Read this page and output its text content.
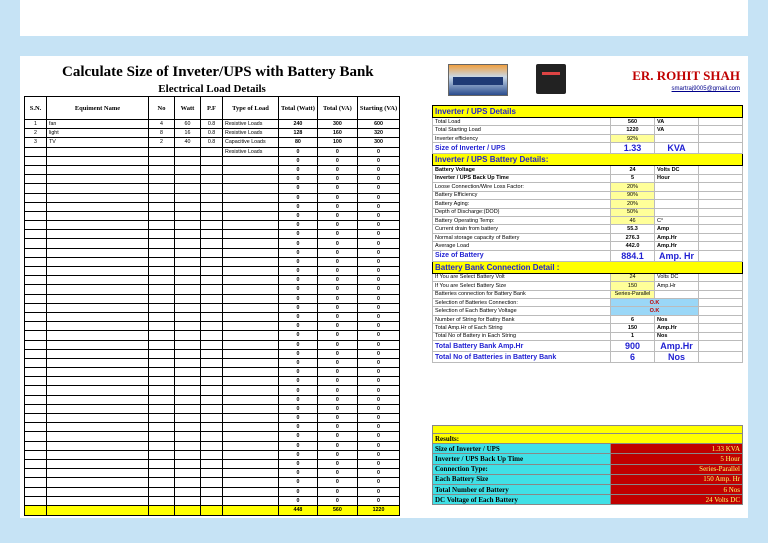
Calculate Size of Inveter/UPS with Battery Bank	ER. ROHIT SHAH
smartraj9005@gmail.com
Electrical Load Details								
S.N.	Equiment Name	No	Watt	P.F	Type of Load	Total (Watt)	Total (VA)	Starting (VA)
1	fan	4	60	0.8	Resistive Loads	240	300	600
2	light	8	16	0.8	Resistive Loads	128	160	320
3	TV	2	40	0.8	Capacitive Loads	80	100	300
					Resistive Loads	0	0	0
						0	0	0
						0	0	0
						0	0	0
						0	0	0
						0	0	0
						0	0	0
						0	0	0
						0	0	0
						0	0	0
						0	0	0
						0	0	0
						0	0	0
						0	0	0
						0	0	0
						0	0	0
						0	0	0
						0	0	0
						0	0	0
						0	0	0
						0	0	0
						0	0	0
						0	0	0
						0	0	0
						0	0	0
						0	0	0
						0	0	0
						0	0	0
						0	0	0
						0	0	0
						0	0	0
						0	0	0
						0	0	0
						0	0	0
						0	0	0
						0	0	0
						0	0	0
						0	0	0
						0	0	0
						448	560	1220
Inverter / UPS Details			
Total Load	560	VA	
Total Starting Load	1220	VA	
Inverter efficiency	92%		
Size of Inverter / UPS	1.33	KVA	
Inverter / UPS Battery Details:			
Battery Voltage	24	Volts DC	
Inverter / UPS Back Up Time	5	Hour	
Loose Connection/Wire Loss Factor:	20%		
Battery Efficiency	90%		
Battery Aging:	20%		
Depth of Discharge:(DOD)	50%		
Battery Operating Temp:	46	C°	
Current drain from battery	55.3	Amp	
Normal storage capacity of Battery	276.3	Amp.Hr	
Average Load	442.0	Amp.Hr	
Size of Battery	884.1	Amp. Hr	
Battery Bank Connection Detail :			
If You are Select Battery Volt	24	Volts DC	
If You are Select Battery Size	150	Amp.Hr	
Batteries connection for Battery Bank	Series-Parallel		
Selection of Batteries Connection:	O.K		
Selection of Each Battery Voltage	O.K		
Number of String for Battry Bank	6	Nos	
Total Amp.Hr of Each String	150	Amp.Hr	
Total No of Battery in Each String	1	Nos	
Total Battery Bank Amp.Hr	900	Amp.Hr	
Total No of Batteries in Battery Bank	6	Nos	

Results:	
Size of Inverter / UPS	1.33 KVA
Inverter / UPS Back Up Time	5 Hour
Connection Type:	Series-Parallel
Each Battery Size	150 Amp. Hr
Total Number of Battery	6 Nos
DC Voltage of Each Battery	24 Volts DC
